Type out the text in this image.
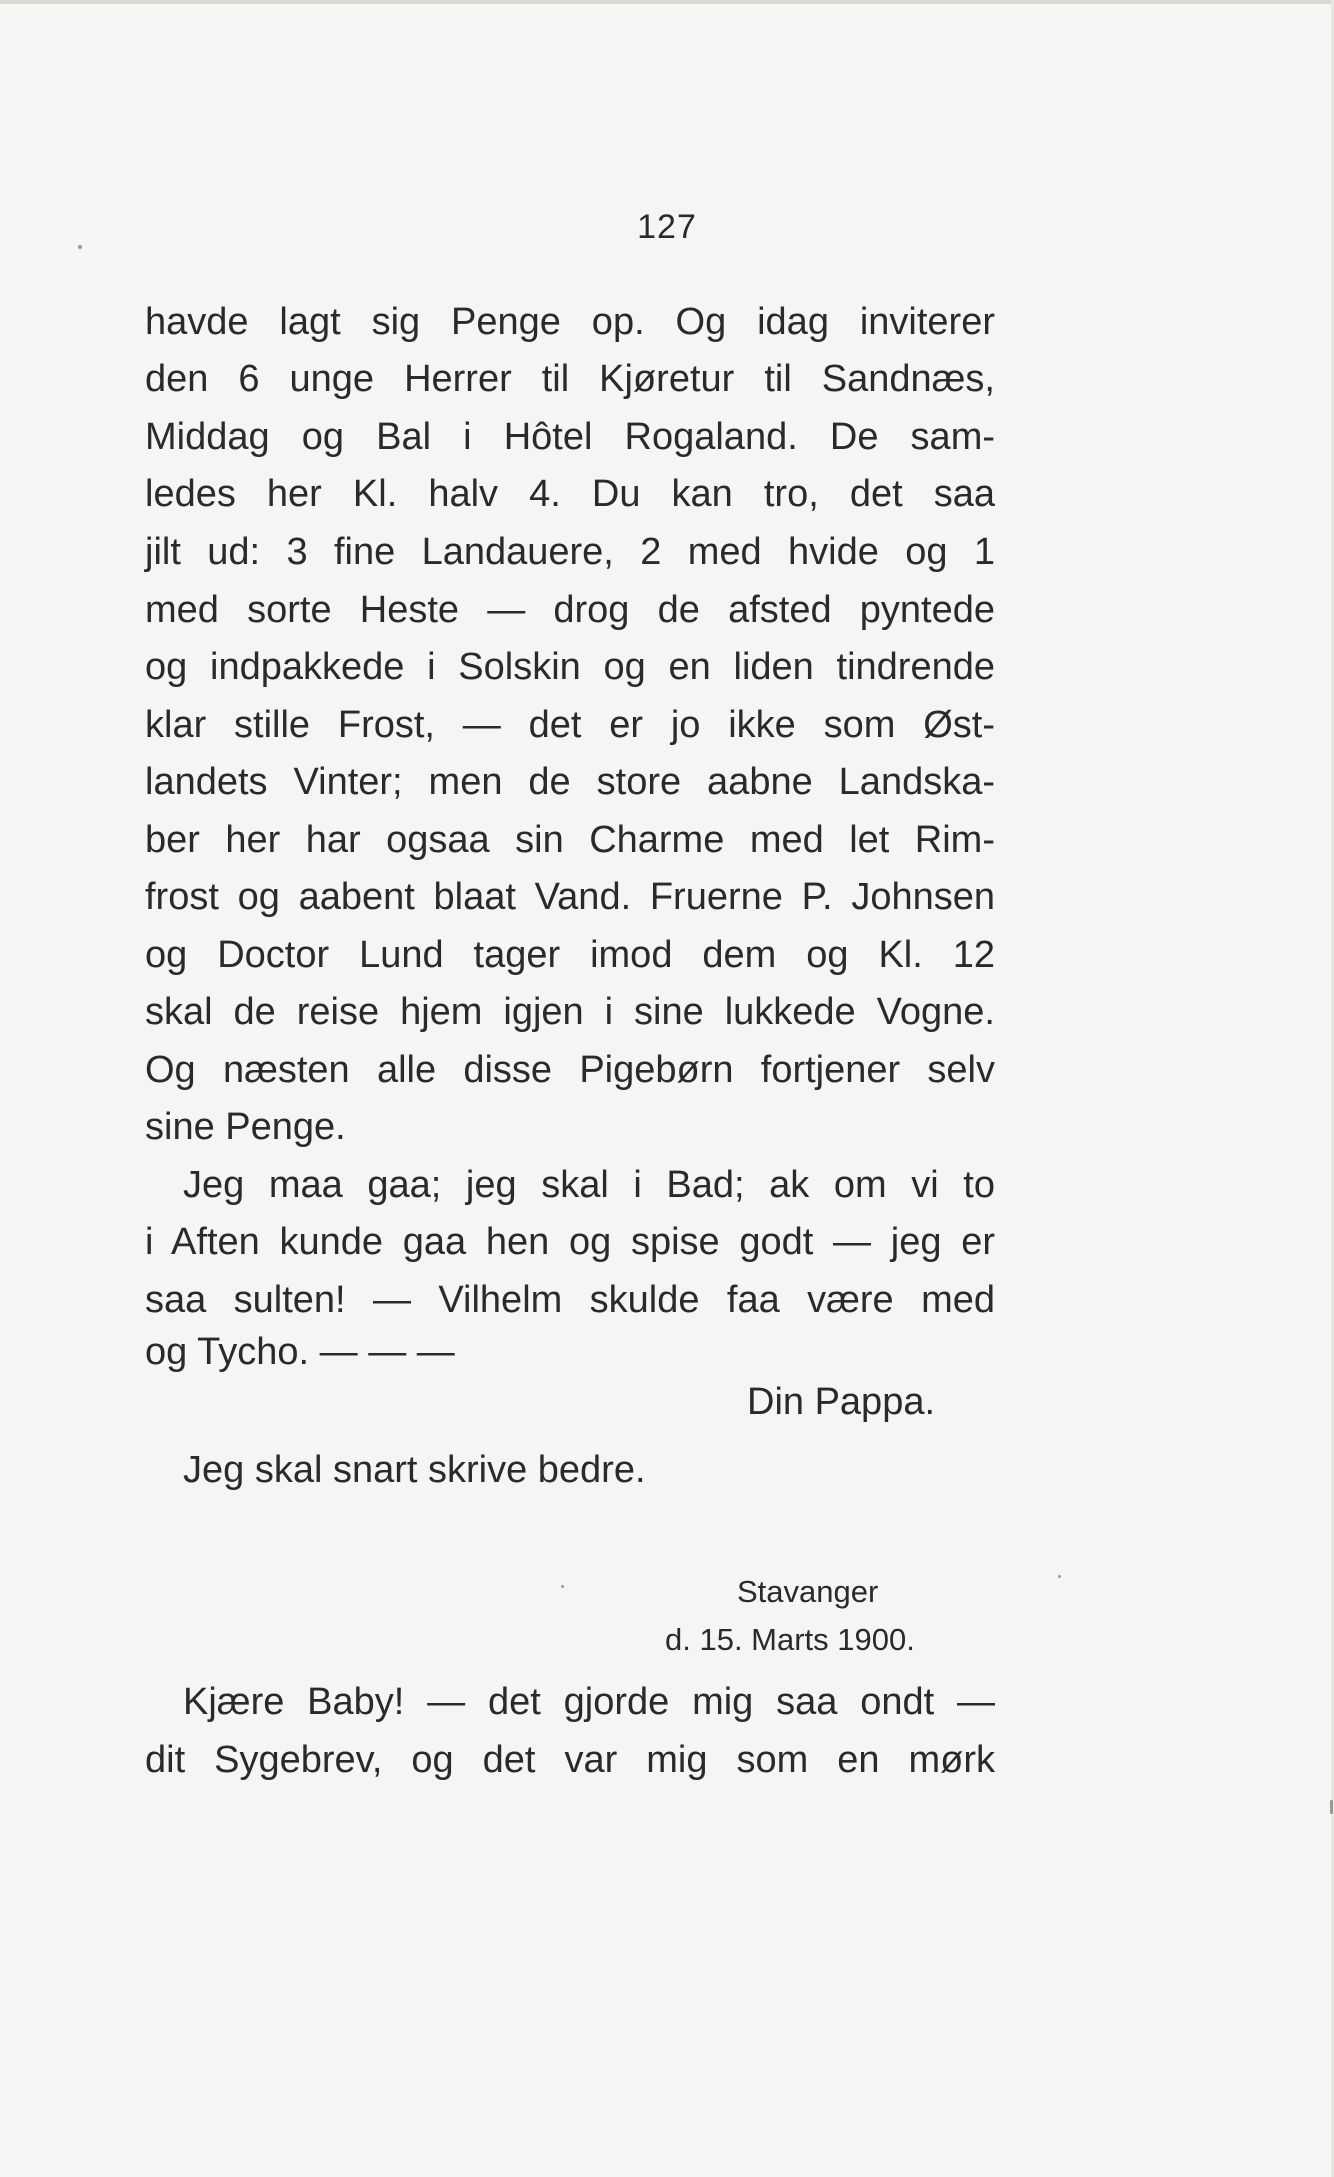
127
havde lagt sig Penge op. Og idag inviterer
den 6 unge Herrer til Kjøretur til Sandnæs,
Middag og Bal i Hôtel Rogaland. De sam-
ledes her Kl. halv 4. Du kan tro, det saa
jilt ud: 3 fine Landauere, 2 med hvide og 1
med sorte Heste — drog de afsted pyntede
og indpakkede i Solskin og en liden tindrende
klar stille Frost, — det er jo ikke som Øst-
landets Vinter; men de store aabne Landska-
ber her har ogsaa sin Charme med let Rim-
frost og aabent blaat Vand. Fruerne P. Johnsen
og Doctor Lund tager imod dem og Kl. 12
skal de reise hjem igjen i sine lukkede Vogne.
Og næsten alle disse Pigebørn fortjener selv
sine Penge.
Jeg maa gaa; jeg skal i Bad; ak om vi to
i Aften kunde gaa hen og spise godt — jeg er
saa sulten! — Vilhelm skulde faa være med
og Tycho. — — —
Din Pappa.
Jeg skal snart skrive bedre.
Stavanger
d. 15. Marts 1900.
Kjære Baby! — det gjorde mig saa ondt —
dit Sygebrev, og det var mig som en mørk
